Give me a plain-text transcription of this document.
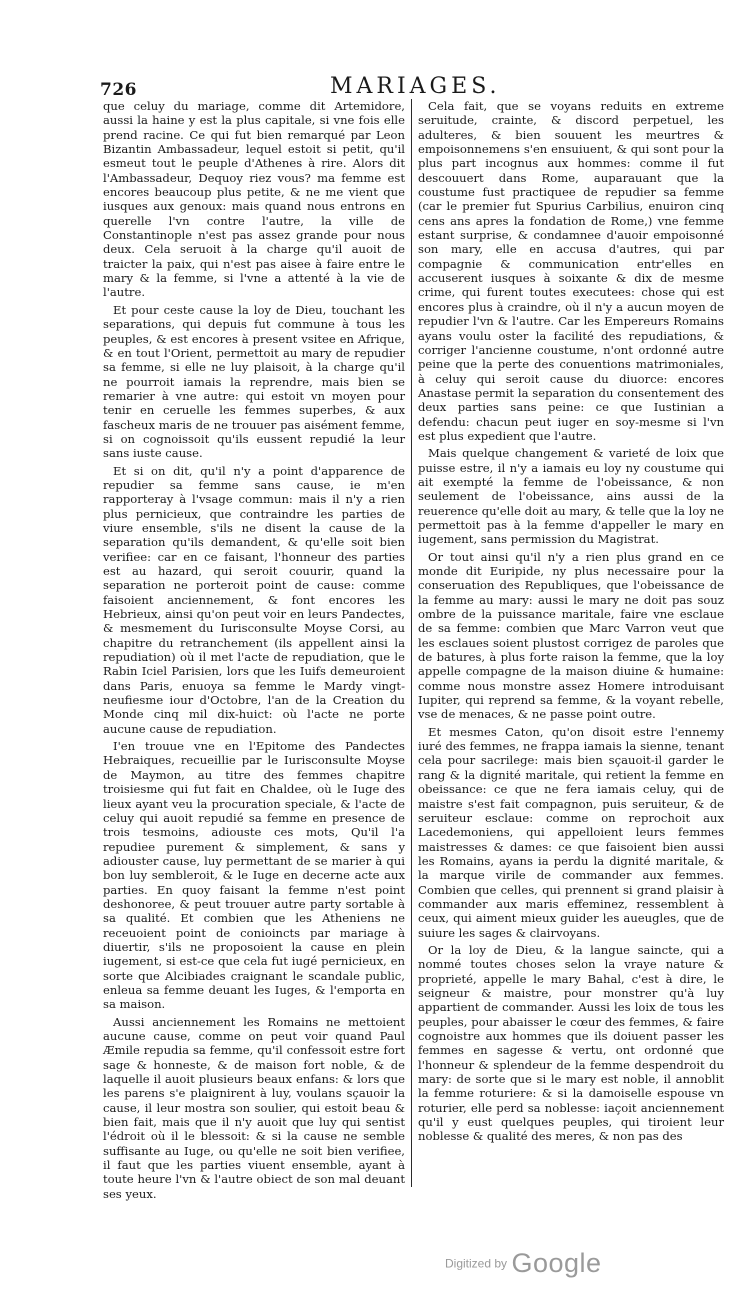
726	MARIAGES.

que celuy du mariage, comme dit Artemidore, aussi la haine y est la plus capitale, si vne fois elle prend racine. Ce qui fut bien remarqué par Leon Bizantin Ambassadeur, lequel estoit si petit, qu'il esmeut tout le peuple d'Athenes à rire. Alors dit l'Ambassadeur, Dequoy riez vous? ma femme est encores beaucoup plus petite, & ne me vient que iusques aux genoux: mais quand nous entrons en querelle l'vn contre l'autre, la ville de Constantinople n'est pas assez grande pour nous deux. Cela seruoit à la charge qu'il auoit de traicter la paix, qui n'est pas aisee à faire entre le mary & la femme, si l'vne a attenté à la vie de l'autre.

Et pour ceste cause la loy de Dieu, touchant les separations, qui depuis fut commune à tous les peuples, & est encores à present vsitee en Afrique, & en tout l'Orient, permettoit au mary de repudier sa femme, si elle ne luy plaisoit, à la charge qu'il ne pourroit iamais la reprendre, mais bien se remarier à vne autre: qui estoit vn moyen pour tenir en ceruelle les femmes superbes, & aux fascheux maris de ne trouuer pas aisément femme, si on cognoissoit qu'ils eussent repudié la leur sans iuste cause.

Et si on dit, qu'il n'y a point d'apparence de repudier sa femme sans cause, ie m'en rapporteray à l'vsage commun: mais il n'y a rien plus pernicieux, que contraindre les parties de viure ensemble, s'ils ne disent la cause de la separation qu'ils demandent, & qu'elle soit bien verifiee: car en ce faisant, l'honneur des parties est au hazard, qui seroit couurir, quand la separation ne porteroit point de cause: comme faisoient anciennement, & font encores les Hebrieux, ainsi qu'on peut voir en leurs Pandectes, & mesmement du Iurisconsulte Moyse Corsi, au chapitre du retranchement (ils appellent ainsi la repudiation) où il met l'acte de repudiation, que le Rabin Iciel Parisien, lors que les Iuifs demeuroient dans Paris, enuoya sa femme le Mardy vingt-neufiesme iour d'Octobre, l'an de la Creation du Monde cinq mil dix-huict: où l'acte ne porte aucune cause de repudiation.

I'en trouue vne en l'Epitome des Pandectes Hebraiques, recueillie par le Iurisconsulte Moyse de Maymon, au titre des femmes chapitre troisiesme qui fut fait en Chaldee, où le Iuge des lieux ayant veu la procuration speciale, & l'acte de celuy qui auoit repudié sa femme en presence de trois tesmoins, adiouste ces mots, Qu'il l'a repudiee purement & simplement, & sans y adiouster cause, luy permettant de se marier à qui bon luy sembleroit, & le Iuge en decerne acte aux parties. En quoy faisant la femme n'est point deshonoree, & peut trouuer autre party sortable à sa qualité. Et combien que les Atheniens ne receuoient point de conioincts par mariage à diuertir, s'ils ne proposoient la cause en plein iugement, si est-ce que cela fut iugé pernicieux, en sorte que Alcibiades craignant le scandale public, enleua sa femme deuant les Iuges, & l'emporta en sa maison.

Aussi anciennement les Romains ne mettoient aucune cause, comme on peut voir quand Paul Æmile repudia sa femme, qu'il confessoit estre fort sage & honneste, & de maison fort noble, & de laquelle il auoit plusieurs beaux enfans: & lors que les parens s'e plaignirent à luy, voulans sçauoir la cause, il leur mostra son soulier, qui estoit beau & bien fait, mais que il n'y auoit que luy qui sentist l'édroit où il le blessoit: & si la cause ne semble suffisante au Iuge, ou qu'elle ne soit bien verifiee, il faut que les parties viuent ensemble, ayant à toute heure l'vn & l'autre obiect de son mal deuant ses yeux.

Cela fait, que se voyans reduits en extreme seruitude, crainte, & discord perpetuel, les adulteres, & bien souuent les meurtres & empoisonnemens s'en ensuiuent, & qui sont pour la plus part incognus aux hommes: comme il fut descouuert dans Rome, auparauant que la coustume fust practiquee de repudier sa femme (car le premier fut Spurius Carbilius, enuiron cinq cens ans apres la fondation de Rome,) vne femme estant surprise, & condamnee d'auoir empoisonné son mary, elle en accusa d'autres, qui par compagnie & communication entr'elles en accuserent iusques à soixante & dix de mesme crime, qui furent toutes executees: chose qui est encores plus à craindre, où il n'y a aucun moyen de repudier l'vn & l'autre. Car les Empereurs Romains ayans voulu oster la facilité des repudiations, & corriger l'ancienne coustume, n'ont ordonné autre peine que la perte des conuentions matrimoniales, à celuy qui seroit cause du diuorce: encores Anastase permit la separation du consentement des deux parties sans peine: ce que Iustinian a defendu: chacun peut iuger en soy-mesme si l'vn est plus expedient que l'autre.

Mais quelque changement & varieté de loix que puisse estre, il n'y a iamais eu loy ny coustume qui ait exempté la femme de l'obeissance, & non seulement de l'obeissance, ains aussi de la reuerence qu'elle doit au mary, & telle que la loy ne permettoit pas à la femme d'appeller le mary en iugement, sans permission du Magistrat.

Or tout ainsi qu'il n'y a rien plus grand en ce monde dit Euripide, ny plus necessaire pour la conseruation des Republiques, que l'obeissance de la femme au mary: aussi le mary ne doit pas souz ombre de la puissance maritale, faire vne esclaue de sa femme: combien que Marc Varron veut que les esclaues soient plustost corrigez de paroles que de batures, à plus forte raison la femme, que la loy appelle compagne de la maison diuine & humaine: comme nous monstre assez Homere introduisant Iupiter, qui reprend sa femme, & la voyant rebelle, vse de menaces, & ne passe point outre.

Et mesmes Caton, qu'on disoit estre l'ennemy iuré des femmes, ne frappa iamais la sienne, tenant cela pour sacrilege: mais bien sçauoit-il garder le rang & la dignité maritale, qui retient la femme en obeissance: ce que ne fera iamais celuy, qui de maistre s'est fait compagnon, puis seruiteur, & de seruiteur esclaue: comme on reprochoit aux Lacedemoniens, qui appelloient leurs femmes maistresses & dames: ce que faisoient bien aussi les Romains, ayans ia perdu la dignité maritale, & la marque virile de commander aux femmes. Combien que celles, qui prennent si grand plaisir à commander aux maris effeminez, ressemblent à ceux, qui aiment mieux guider les aueugles, que de suiure les sages & clairvoyans.

Or la loy de Dieu, & la langue saincte, qui a nommé toutes choses selon la vraye nature & proprieté, appelle le mary Bahal, c'est à dire, le seigneur & maistre, pour monstrer qu'à luy appartient de commander. Aussi les loix de tous les peuples, pour abaisser le cœur des femmes, & faire cognoistre aux hommes que ils doiuent passer les femmes en sagesse & vertu, ont ordonné que l'honneur & splendeur de la femme despendroit du mary: de sorte que si le mary est noble, il annoblit la femme roturiere: & si la damoiselle espouse vn roturier, elle perd sa noblesse: iaçoit anciennement qu'il y eust quelques peuples, qui tiroient leur noblesse & qualité des meres, & non pas des

Digitized by Google
